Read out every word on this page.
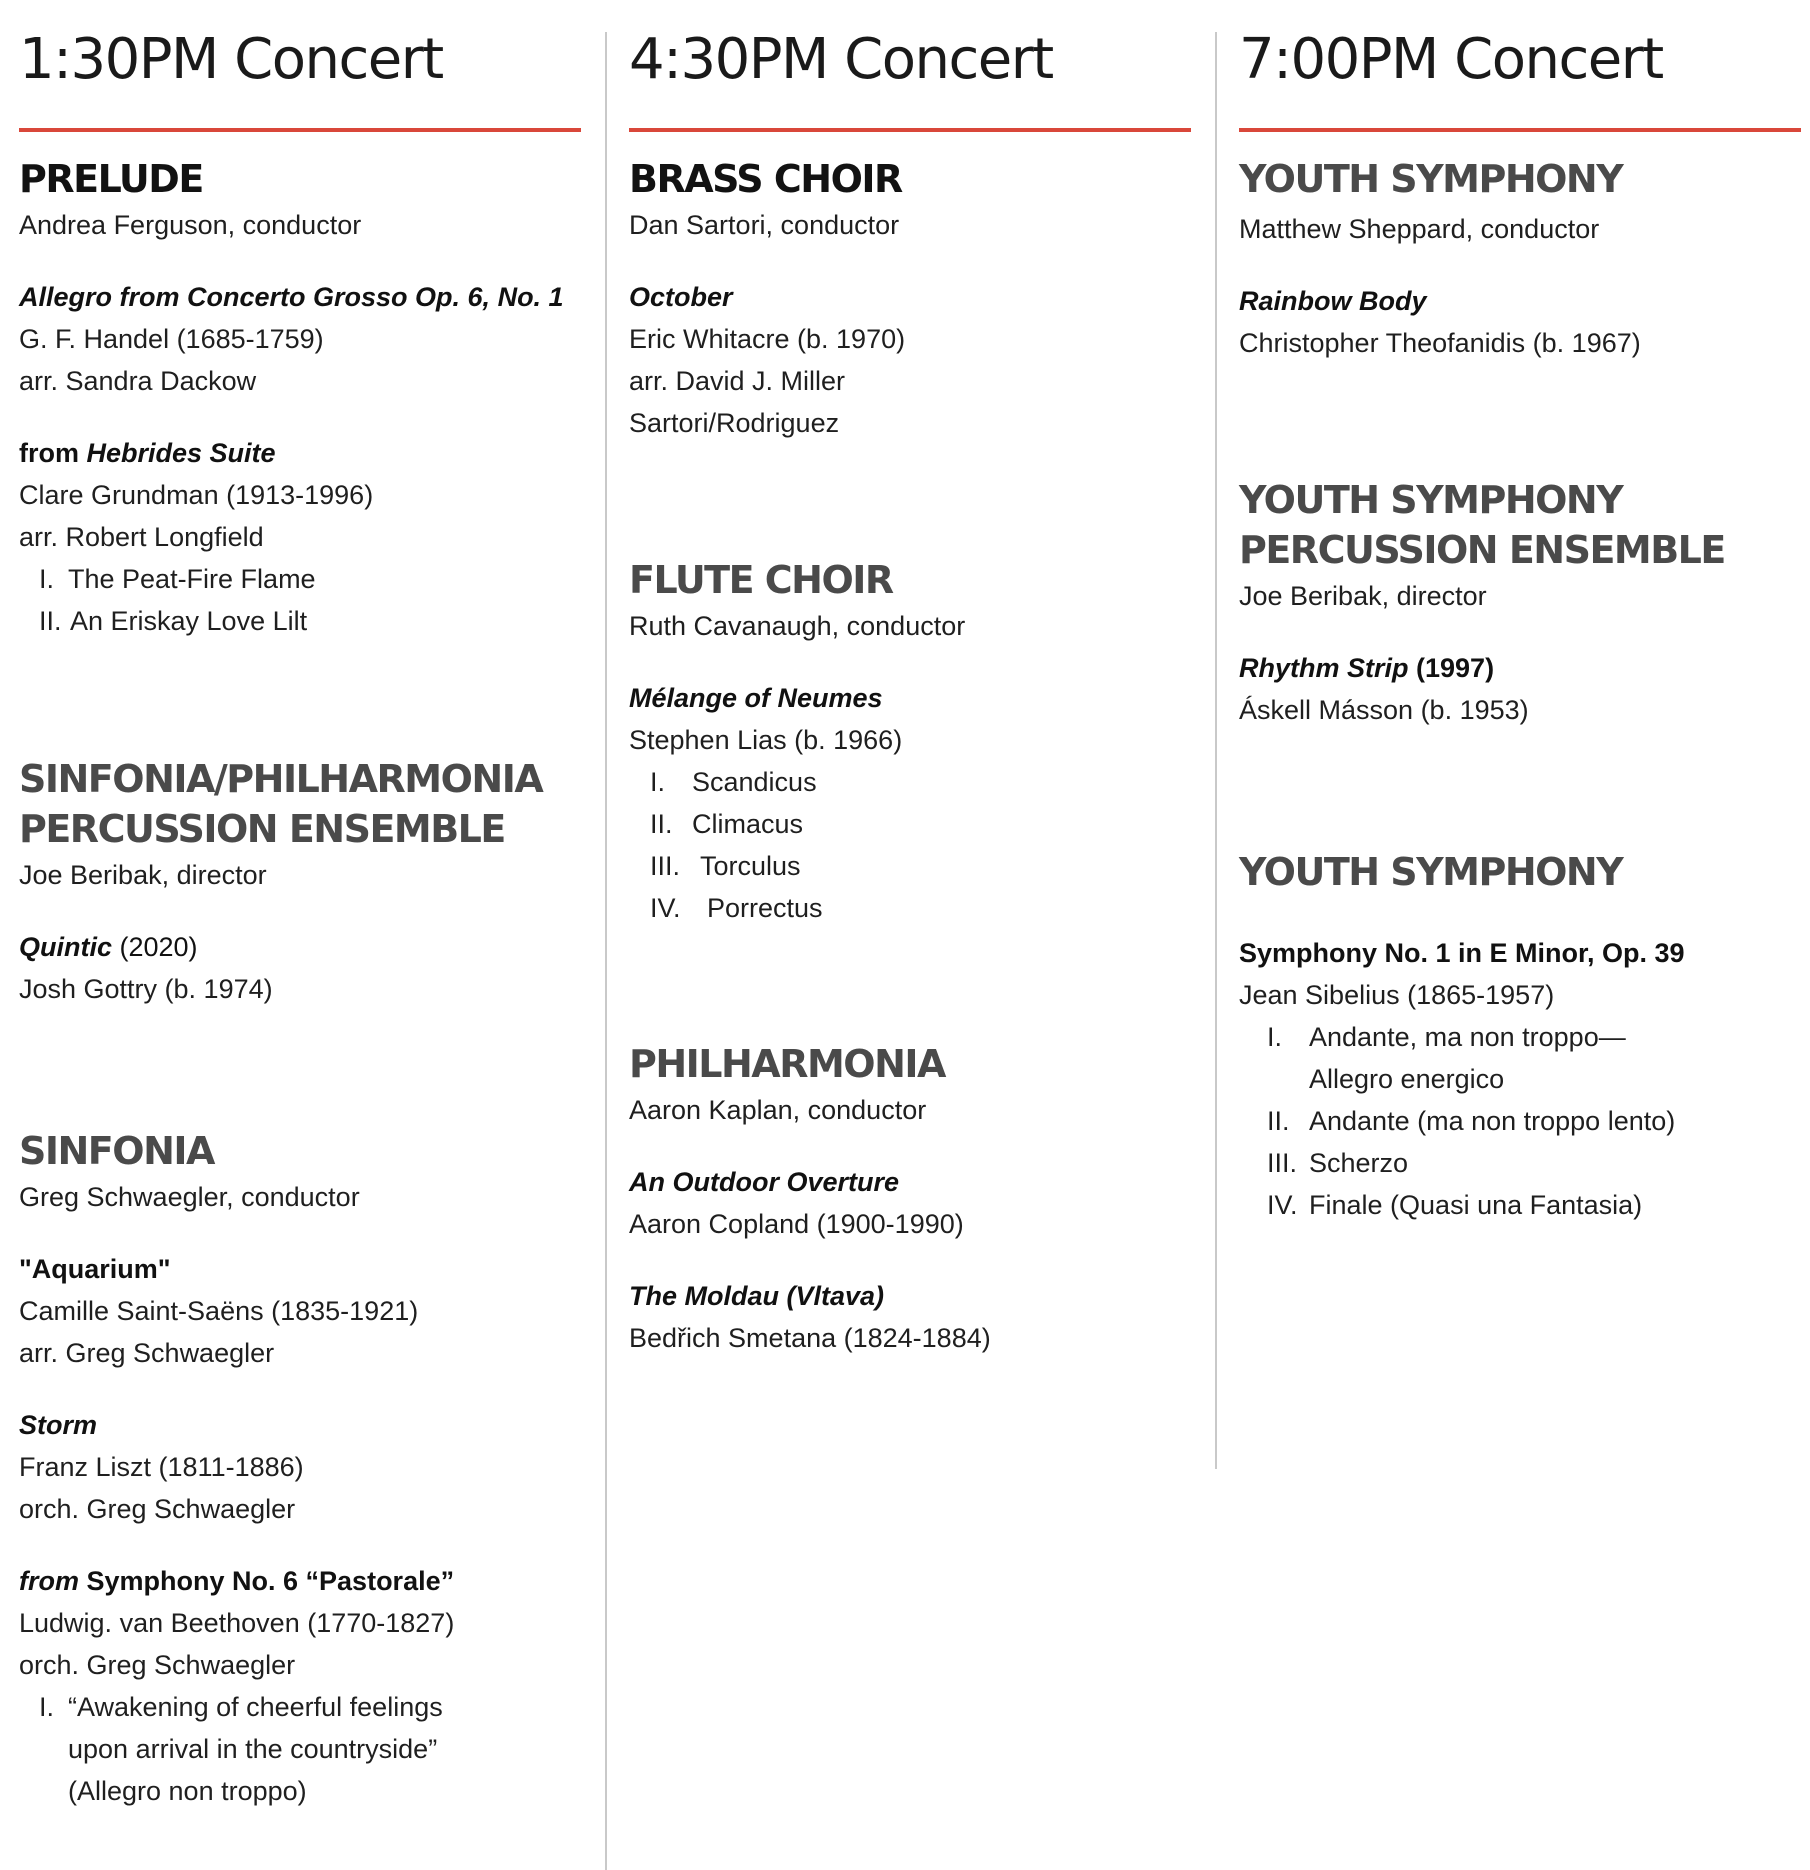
1:30PM Concert
PRELUDE
Andrea Ferguson, conductor
Allegro from Concerto Grosso Op. 6, No. 1
G. F. Handel (1685-1759)
arr. Sandra Dackow
from Hebrides Suite
Clare Grundman (1913-1996)
arr. Robert Longfield
I. The Peat-Fire Flame
II. An Eriskay Love Lilt
SINFONIA/PHILHARMONIA
PERCUSSION ENSEMBLE
Joe Beribak, director
Quintic (2020)
Josh Gottry (b. 1974)
SINFONIA
Greg Schwaegler, conductor
"Aquarium"
Camille Saint-Saëns (1835-1921)
arr. Greg Schwaegler
Storm
Franz Liszt (1811-1886)
orch. Greg Schwaegler
from Symphony No. 6 “Pastorale”
Ludwig. van Beethoven (1770-1827)
orch. Greg Schwaegler
I. “Awakening of cheerful feelings
upon arrival in the countryside”
(Allegro non troppo)
4:30PM Concert
BRASS CHOIR
Dan Sartori, conductor
October
Eric Whitacre (b. 1970)
arr. David J. Miller
Sartori/Rodriguez
FLUTE CHOIR
Ruth Cavanaugh, conductor
Mélange of Neumes
Stephen Lias (b. 1966)
I. Scandicus
II. Climacus
III. Torculus
IV. Porrectus
PHILHARMONIA
Aaron Kaplan, conductor
An Outdoor Overture
Aaron Copland (1900-1990)
The Moldau (Vltava)
Bedřich Smetana (1824-1884)
7:00PM Concert
YOUTH SYMPHONY
Matthew Sheppard, conductor
Rainbow Body
Christopher Theofanidis (b. 1967)
YOUTH SYMPHONY
PERCUSSION ENSEMBLE
Joe Beribak, director
Rhythm Strip (1997)
Áskell Másson (b. 1953)
YOUTH SYMPHONY
Symphony No. 1 in E Minor, Op. 39
Jean Sibelius (1865-1957)
I. Andante, ma non troppo—
Allegro energico
II. Andante (ma non troppo lento)
III. Scherzo
IV. Finale (Quasi una Fantasia)
